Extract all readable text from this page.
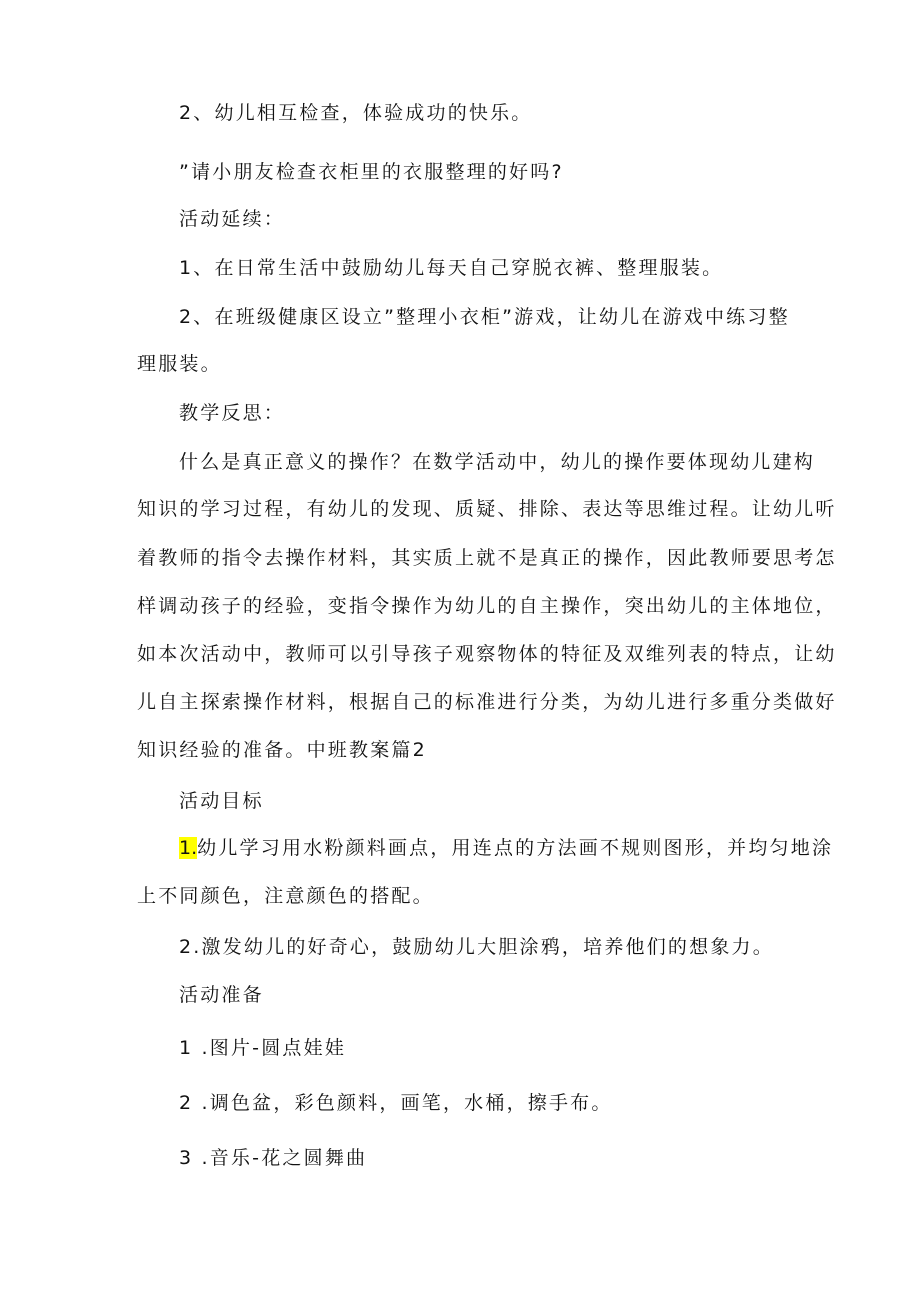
2、幼儿相互检查，体验成功的快乐。
”请小朋友检查衣柜里的衣服整理的好吗?
活动延续：
1、在日常生活中鼓励幼儿每天自己穿脱衣裤、整理服装。
2、在班级健康区设立”整理小衣柜”游戏，让幼儿在游戏中练习整
理服装。
教学反思：
什么是真正意义的操作？在数学活动中，幼儿的操作要体现幼儿建构
知识的学习过程，有幼儿的发现、质疑、排除、表达等思维过程。让幼儿听
着教师的指令去操作材料，其实质上就不是真正的操作，因此教师要思考怎
样调动孩子的经验，变指令操作为幼儿的自主操作，突出幼儿的主体地位，
如本次活动中，教师可以引导孩子观察物体的特征及双维列表的特点，让幼
儿自主探索操作材料，根据自己的标准进行分类，为幼儿进行多重分类做好
知识经验的准备。中班教案篇2
活动目标
1.幼儿学习用水粉颜料画点，用连点的方法画不规则图形，并均匀地涂
上不同颜色，注意颜色的搭配。
2.激发幼儿的好奇心，鼓励幼儿大胆涂鸦，培养他们的想象力。
活动准备
1 .图片-圆点娃娃
2 .调色盆，彩色颜料，画笔，水桶，擦手布。
3 .音乐-花之圆舞曲
